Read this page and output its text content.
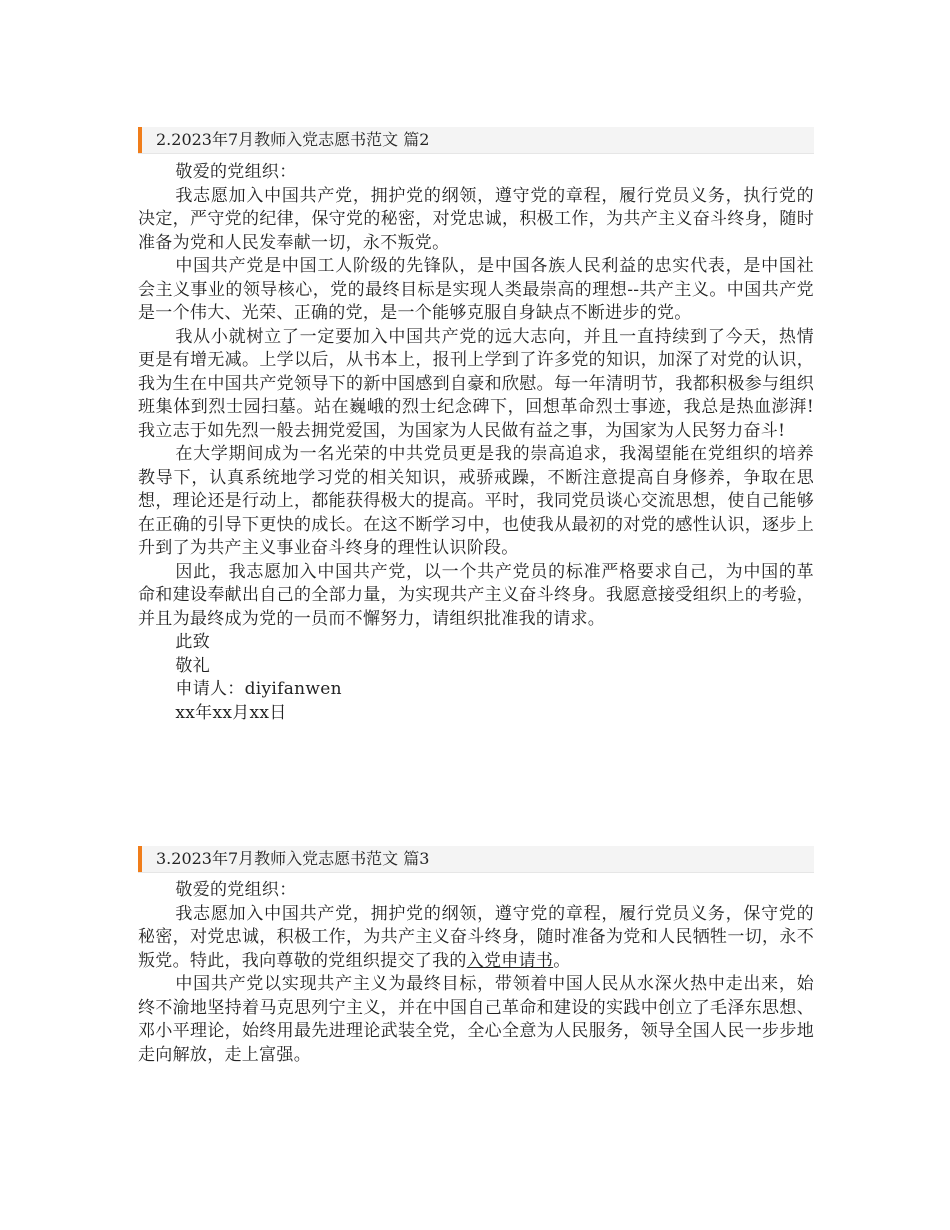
2.2023年7月教师入党志愿书范文 篇2

敬爱的党组织：

我志愿加入中国共产党，拥护党的纲领，遵守党的章程，履行党员义务，执行党的决定，严守党的纪律，保守党的秘密，对党忠诚，积极工作，为共产主义奋斗终身，随时准备为党和人民发奉献一切，永不叛党。

中国共产党是中国工人阶级的先锋队，是中国各族人民利益的忠实代表，是中国社会主义事业的领导核心，党的最终目标是实现人类最崇高的理想--共产主义。中国共产党是一个伟大、光荣、正确的党，是一个能够克服自身缺点不断进步的党。

我从小就树立了一定要加入中国共产党的远大志向，并且一直持续到了今天，热情更是有增无减。上学以后，从书本上，报刊上学到了许多党的知识，加深了对党的认识，我为生在中国共产党领导下的新中国感到自豪和欣慰。每一年清明节，我都积极参与组织班集体到烈士园扫墓。站在巍峨的烈士纪念碑下，回想革命烈士事迹，我总是热血澎湃!我立志于如先烈一般去拥党爱国，为国家为人民做有益之事，为国家为人民努力奋斗!

在大学期间成为一名光荣的中共党员更是我的崇高追求，我渴望能在党组织的培养教导下，认真系统地学习党的相关知识，戒骄戒躁，不断注意提高自身修养，争取在思想，理论还是行动上，都能获得极大的提高。平时，我同党员谈心交流思想，使自己能够在正确的引导下更快的成长。在这不断学习中，也使我从最初的对党的感性认识，逐步上升到了为共产主义事业奋斗终身的理性认识阶段。

因此，我志愿加入中国共产党，以一个共产党员的标准严格要求自己，为中国的革命和建设奉献出自己的全部力量，为实现共产主义奋斗终身。我愿意接受组织上的考验，并且为最终成为党的一员而不懈努力，请组织批准我的请求。

此致

敬礼

申请人：diyifanwen

xx年xx月xx日

3.2023年7月教师入党志愿书范文 篇3

敬爱的党组织：

我志愿加入中国共产党，拥护党的纲领，遵守党的章程，履行党员义务，保守党的秘密，对党忠诚，积极工作，为共产主义奋斗终身，随时准备为党和人民牺牲一切，永不叛党。特此，我向尊敬的党组织提交了我的入党申请书。

中国共产党以实现共产主义为最终目标，带领着中国人民从水深火热中走出来，始终不渝地坚持着马克思列宁主义，并在中国自己革命和建设的实践中创立了毛泽东思想、邓小平理论，始终用最先进理论武装全党，全心全意为人民服务，领导全国人民一步步地走向解放，走上富强。
